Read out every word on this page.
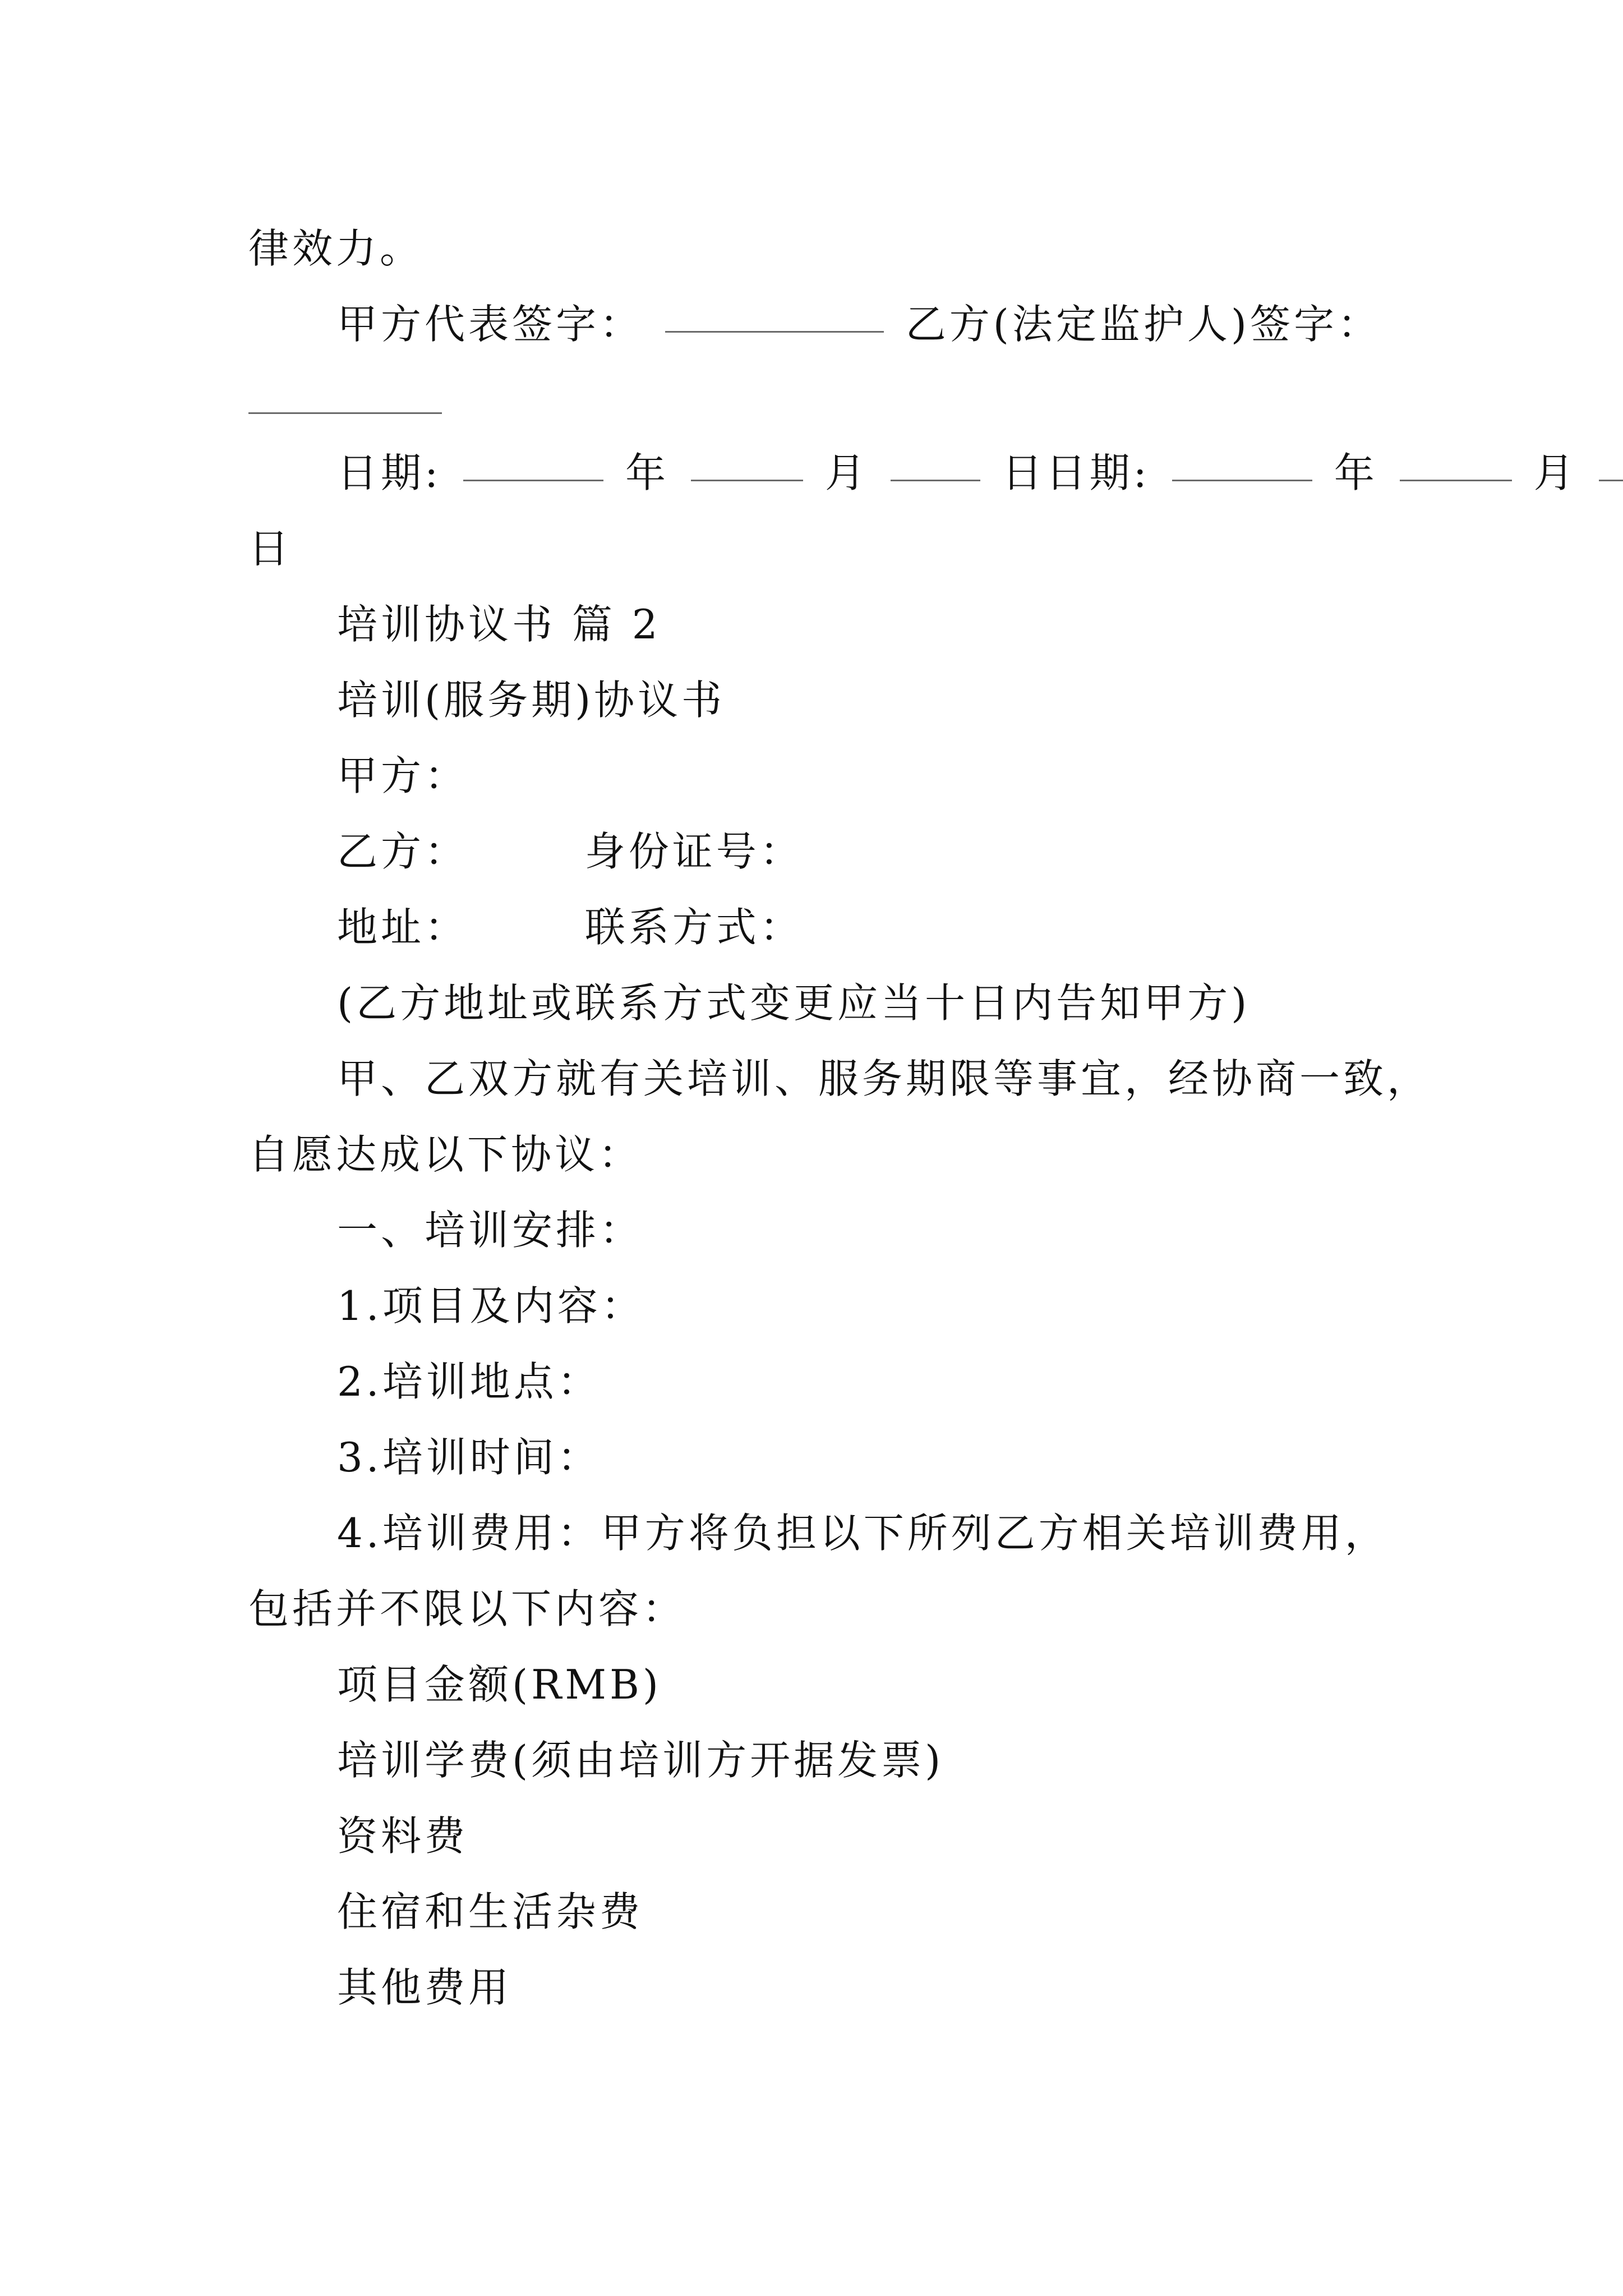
律效力。
甲方代表签字：	乙方(法定监护人)签字：
日期:	年	月	日日期:	年	月
日
培训协议书 篇 2
培训(服务期)协议书
甲方：
乙方：	身份证号：
地址：	联系方式：
(乙方地址或联系方式变更应当十日内告知甲方)
甲、乙双方就有关培训、服务期限等事宜，经协商一致，
自愿达成以下协议：
一、培训安排：
1.项目及内容：
2.培训地点：
3.培训时间：
4.培训费用：甲方将负担以下所列乙方相关培训费用，
包括并不限以下内容：
项目金额(RMB)
培训学费(须由培训方开据发票)
资料费
住宿和生活杂费
其他费用
